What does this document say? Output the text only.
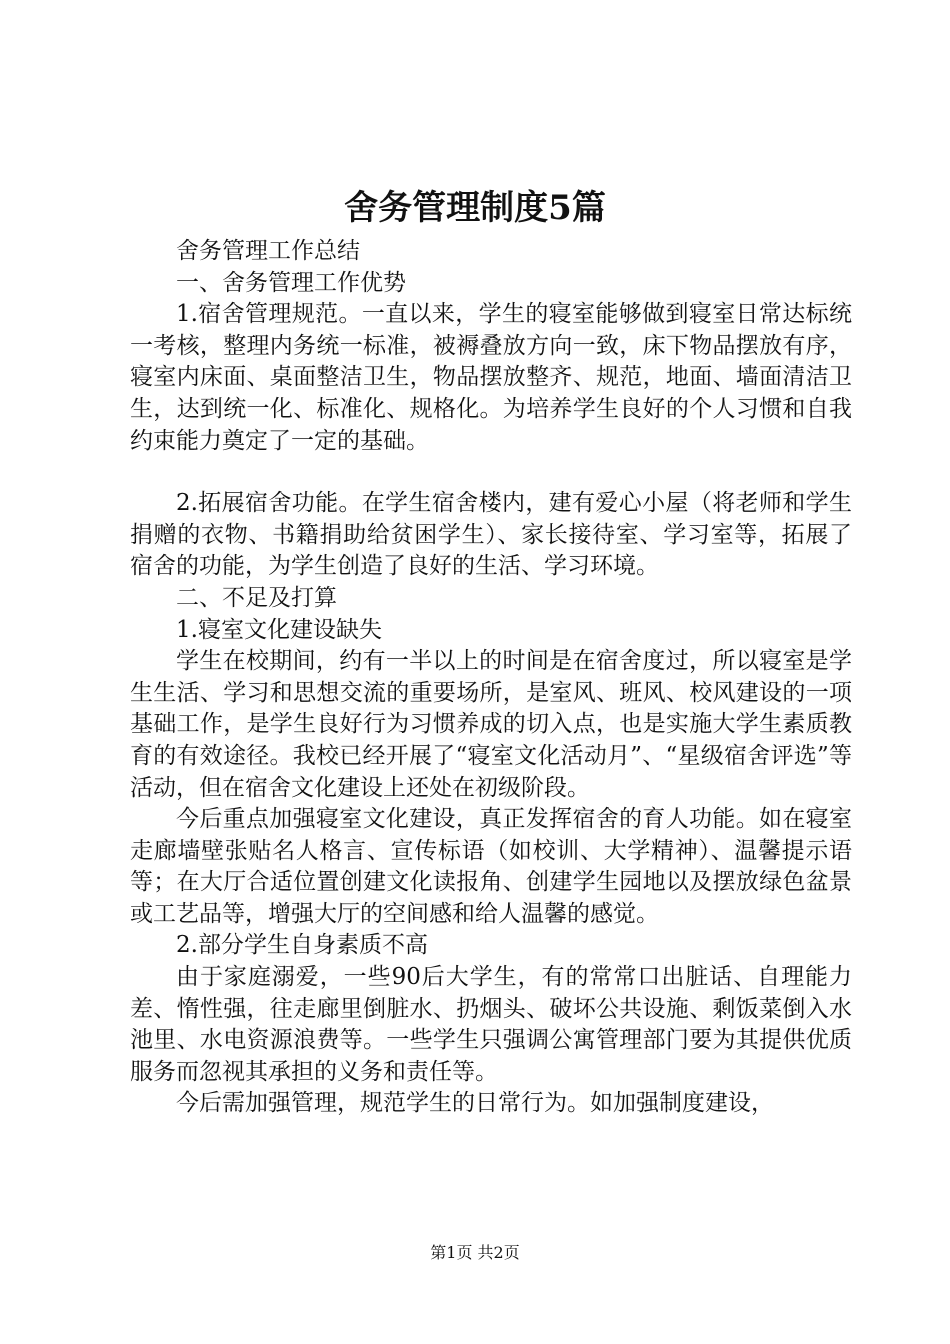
舍务管理制度5篇

舍务管理工作总结

一、舍务管理工作优势

1.宿舍管理规范。一直以来，学生的寝室能够做到寝室日常达标统一考核，整理内务统一标准，被褥叠放方向一致，床下物品摆放有序，寝室内床面、桌面整洁卫生，物品摆放整齐、规范，地面、墙面清洁卫生，达到统一化、标准化、规格化。为培养学生良好的个人习惯和自我约束能力奠定了一定的基础。

2.拓展宿舍功能。在学生宿舍楼内，建有爱心小屋（将老师和学生捐赠的衣物、书籍捐助给贫困学生）、家长接待室、学习室等，拓展了宿舍的功能，为学生创造了良好的生活、学习环境。

二、不足及打算

1.寝室文化建设缺失

学生在校期间，约有一半以上的时间是在宿舍度过，所以寝室是学生生活、学习和思想交流的重要场所，是室风、班风、校风建设的一项基础工作，是学生良好行为习惯养成的切入点，也是实施大学生素质教育的有效途径。我校已经开展了“寝室文化活动月”、“星级宿舍评选”等活动，但在宿舍文化建设上还处在初级阶段。

今后重点加强寝室文化建设，真正发挥宿舍的育人功能。如在寝室走廊墙壁张贴名人格言、宣传标语（如校训、大学精神）、温馨提示语等；在大厅合适位置创建文化读报角、创建学生园地以及摆放绿色盆景或工艺品等，增强大厅的空间感和给人温馨的感觉。

2.部分学生自身素质不高

由于家庭溺爱，一些90后大学生，有的常常口出脏话、自理能力差、惰性强，往走廊里倒脏水、扔烟头、破坏公共设施、剩饭菜倒入水池里、水电资源浪费等。一些学生只强调公寓管理部门要为其提供优质服务而忽视其承担的义务和责任等。

今后需加强管理，规范学生的日常行为。如加强制度建设，

第1页 共2页
